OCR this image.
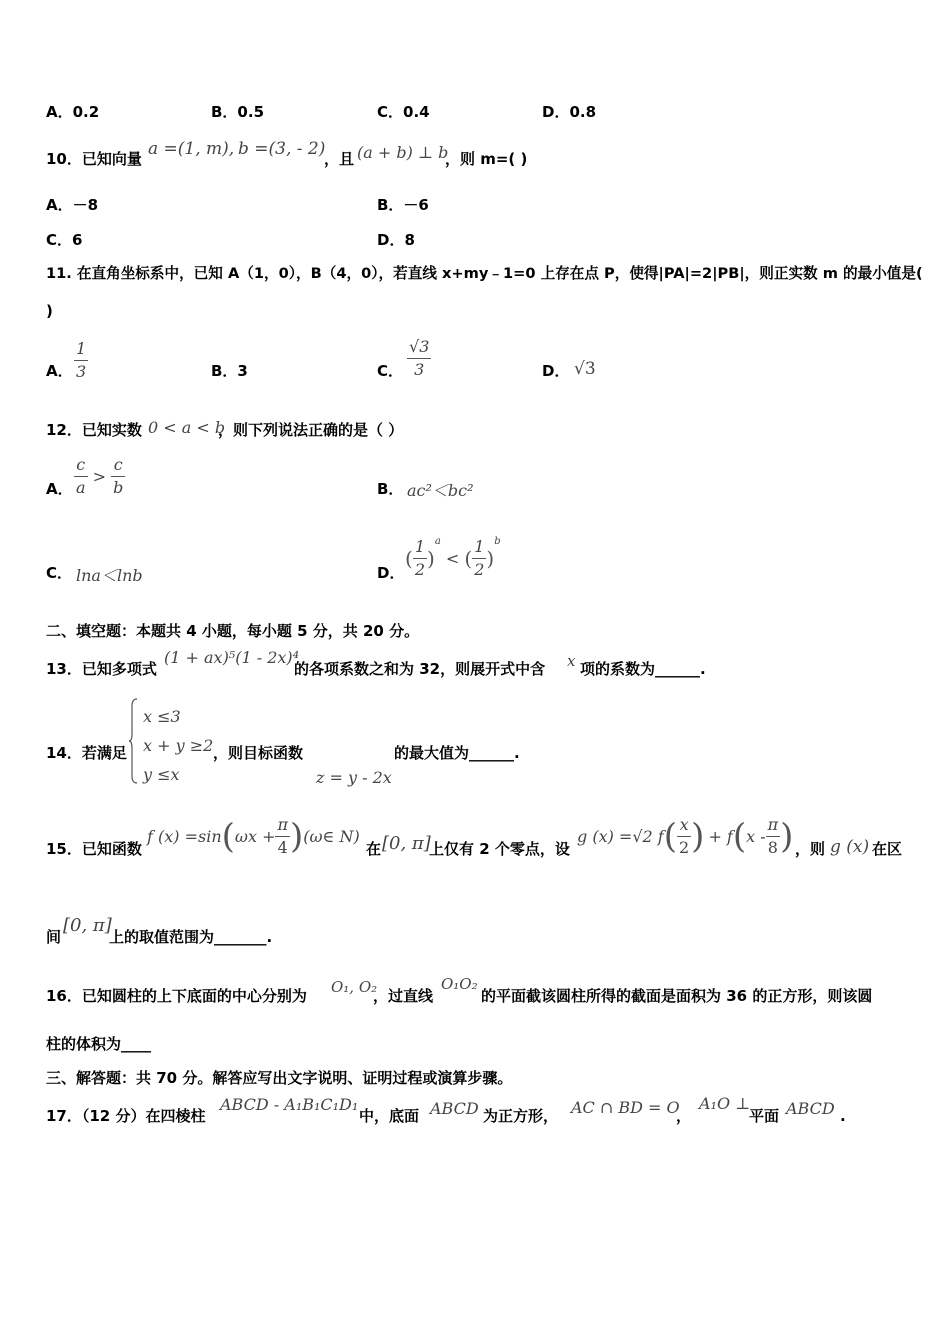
A．0.2	B．0.5	C．0.4	D．0.8
10．已知向量 a =(1, m), b =(3, - 2)
，且 (a + b) ⊥ b
，则 m=( )
A．－8	B．－6
C．6	D．8
11. 在直角坐标系中，已知 A（1，0），B（4，0），若直线 x+my﹣1=0 上存在点 P，使得|PA|=2|PB|，则正实数 m 的最小值是(
)
A． $\frac{1}{3}$	B．3	C． $\frac{√3}{3}$	D． √3
12．已知实数 0 < a < b
，则下列说法正确的是（ ）
A． $\frac{c}{a} > \frac{c}{b}$	B． ac²＜bc²
C． lna＜lnb	D．
( $\frac{1}{2} )^a$ < ( $\frac{1}{2} )^b$
二、填空题：本题共 4 小题，每小题 5 分，共 20 分。
13．已知多项式
(1 + ax)⁵(1 - 2x)⁴
的各项系数之和为 32，则展开式中含 x 项的系数为______.
14．若满足
x ≤3
x + y ≥2
y ≤x
，则目标函数
z = y - 2x
的最大值为______.
15．已知函数
f $(x) =\sin(\omega x + \frac{\pi}{4}$ )(ω∈ N)
在 [0, π]
上仅有 2 个零点，设
g (x) =√2 $f( \frac{x}{2}$ ) + $f(x - \frac{\pi}{8}$ ) ，则 g (x) 在区
间
[0, π]
上的取值范围为_______.
16．已知圆柱的上下底面的中心分别为 O₁, O₂
，过直线
O₁O₂
的平面截该圆柱所得的截面是面积为 36 的正方形，则该圆
柱的体积为____
三、解答题：共 70 分。解答应写出文字说明、证明过程或演算步骤。
17．（12 分）在四棱柱
ABCD - A₁B₁C₁D₁
中，底面 ABCD 为正方形， AC ∩ BD = O
，
A₁O ⊥
平面 ABCD .
